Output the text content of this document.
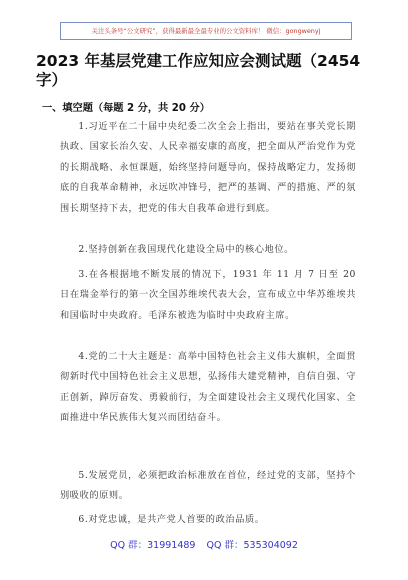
关注头条号“公文研究”，获得最新最全最专业的公文资料库！ 微信：gongwenyj
2023 年基层党建工作应知应会测试题（2454 字）
一、填空题（每题 2 分，共 20 分）
1.习近平在二十届中央纪委二次全会上指出，要站在事关党长期执政、国家长治久安、人民幸福安康的高度，把全面从严治党作为党的长期战略、永恒课题，始终坚持问题导向，保持战略定力，发扬彻底的自我革命精神，永远吹冲锋号，把严的基调、严的措施、严的氛围长期坚持下去，把党的伟大自我革命进行到底。
2.坚持创新在我国现代化建设全局中的核心地位。
3.在各根据地不断发展的情况下，1931 年 11 月 7 日至 20 日在瑞金举行的第一次全国苏维埃代表大会，宣布成立中华苏维埃共和国临时中央政府。毛泽东被选为临时中央政府主席。
4.党的二十大主题是：高举中国特色社会主义伟大旗帜，全面贯彻新时代中国特色社会主义思想，弘扬伟大建党精神，自信自强、守正创新，踔厉奋发、勇毅前行，为全面建设社会主义现代化国家、全面推进中华民族伟大复兴而团结奋斗。
5.发展党员，必须把政治标准放在首位，经过党的支部，坚持个别吸收的原则。
6.对党忠诚，是共产党人首要的政治品质。
QQ 群：31991489 QQ 群：535304092
